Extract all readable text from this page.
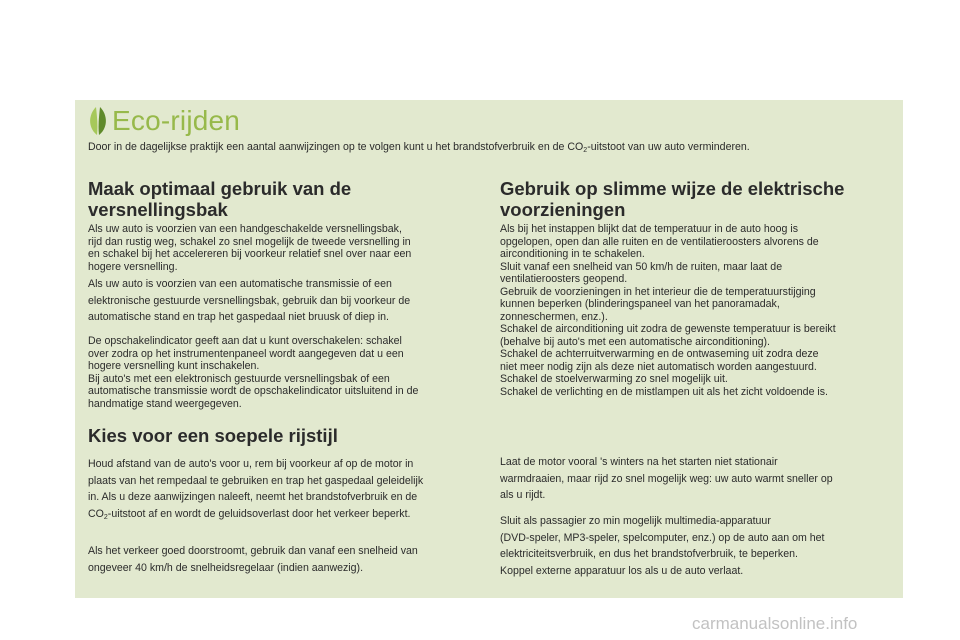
Eco-rijden
Door in de dagelijkse praktijk een aantal aanwijzingen op te volgen kunt u het brandstofverbruik en de $CO_2$-uitstoot van uw auto verminderen.
Maak optimaal gebruik van de
versnellingsbak
Als uw auto is voorzien van een handgeschakelde versnellingsbak,
rijd dan rustig weg, schakel zo snel mogelijk de tweede versnelling in
en schakel bij het accelereren bij voorkeur relatief snel over naar een
hogere versnelling.
Als uw auto is voorzien van een automatische transmissie of een
elektronische gestuurde versnellingsbak, gebruik dan bij voorkeur de
automatische stand en trap het gaspedaal niet bruusk of diep in.
De opschakelindicator geeft aan dat u kunt overschakelen: schakel
over zodra op het instrumentenpaneel wordt aangegeven dat u een
hogere versnelling kunt inschakelen.
Bij auto's met een elektronisch gestuurde versnellingsbak of een
automatische transmissie wordt de opschakelindicator uitsluitend in de
handmatige stand weergegeven.
Kies voor een soepele rijstijl
Houd afstand van de auto's voor u, rem bij voorkeur af op de motor in
plaats van het rempedaal te gebruiken en trap het gaspedaal geleidelijk
in. Als u deze aanwijzingen naleeft, neemt het brandstofverbruik en de
CO2-uitstoot af en wordt de geluidsoverlast door het verkeer beperkt.
Als het verkeer goed doorstroomt, gebruik dan vanaf een snelheid van
ongeveer 40 km/h de snelheidsregelaar (indien aanwezig).
Gebruik op slimme wijze de elektrische
voorzieningen
Als bij het instappen blijkt dat de temperatuur in de auto hoog is
opgelopen, open dan alle ruiten en de ventilatieroosters alvorens de
airconditioning in te schakelen.
Sluit vanaf een snelheid van 50 km/h de ruiten, maar laat de
ventilatieroosters geopend.
Gebruik de voorzieningen in het interieur die de temperatuurstijging
kunnen beperken (blinderingspaneel van het panoramadak,
zonneschermen, enz.).
Schakel de airconditioning uit zodra de gewenste temperatuur is bereikt
(behalve bij auto's met een automatische airconditioning).
Schakel de achterruitverwarming en de ontwaseming uit zodra deze
niet meer nodig zijn als deze niet automatisch worden aangestuurd.
Schakel de stoelverwarming zo snel mogelijk uit.
Schakel de verlichting en de mistlampen uit als het zicht voldoende is.
Laat de motor vooral 's winters na het starten niet stationair
warmdraaien, maar rijd zo snel mogelijk weg: uw auto warmt sneller op
als u rijdt.
Sluit als passagier zo min mogelijk multimedia-apparatuur
(DVD-speler, MP3-speler, spelcomputer, enz.) op de auto aan om het
elektriciteitsverbruik, en dus het brandstofverbruik, te beperken.
Koppel externe apparatuur los als u de auto verlaat.
carmanualsonline.info
